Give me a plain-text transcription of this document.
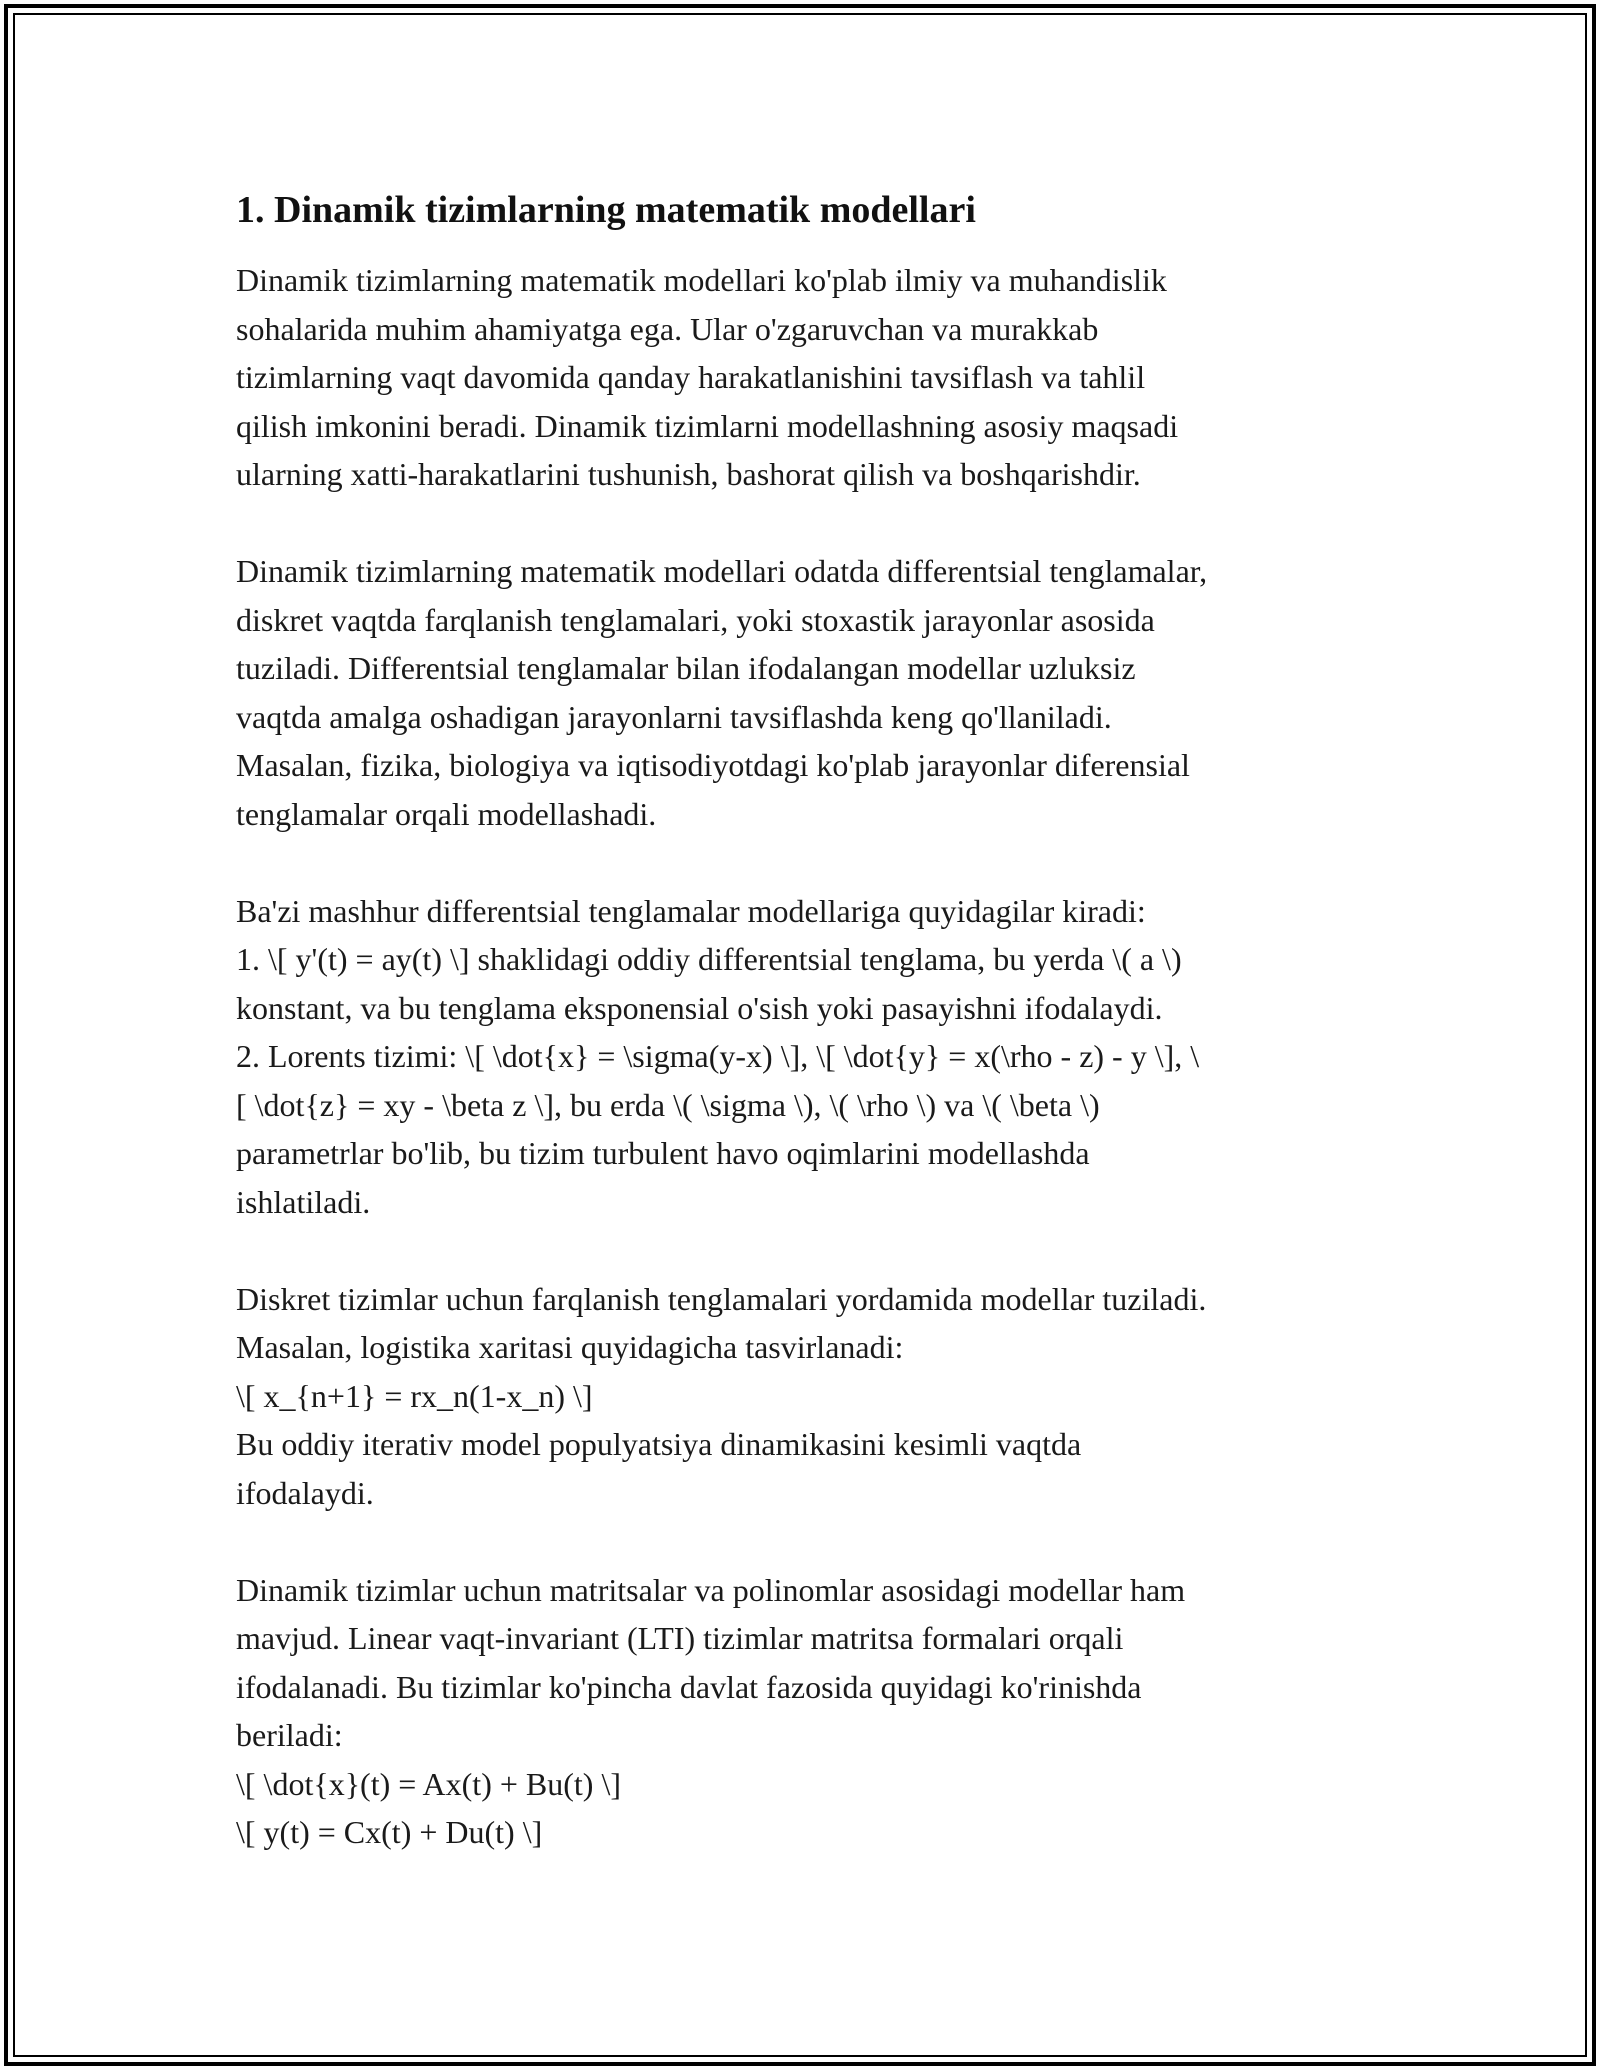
1. Dinamik tizimlarning matematik modellari
Dinamik tizimlarning matematik modellari ko'plab ilmiy va muhandislik
sohalarida muhim ahamiyatga ega. Ular o'zgaruvchan va murakkab
tizimlarning vaqt davomida qanday harakatlanishini tavsiflash va tahlil
qilish imkonini beradi. Dinamik tizimlarni modellashning asosiy maqsadi
ularning xatti-harakatlarini tushunish, bashorat qilish va boshqarishdir.
Dinamik tizimlarning matematik modellari odatda differentsial tenglamalar,
diskret vaqtda farqlanish tenglamalari, yoki stoxastik jarayonlar asosida
tuziladi. Differentsial tenglamalar bilan ifodalangan modellar uzluksiz
vaqtda amalga oshadigan jarayonlarni tavsiflashda keng qo'llaniladi.
Masalan, fizika, biologiya va iqtisodiyotdagi ko'plab jarayonlar diferensial
tenglamalar orqali modellashadi.
Ba'zi mashhur differentsial tenglamalar modellariga quyidagilar kiradi:
1. \[ y'(t) = ay(t) \] shaklidagi oddiy differentsial tenglama, bu yerda \( a \)
konstant, va bu tenglama eksponensial o'sish yoki pasayishni ifodalaydi.
2. Lorents tizimi: \[ \dot{x} = \sigma(y-x) \], \[ \dot{y} = x(\rho - z) - y \], \
[ \dot{z} = xy - \beta z \], bu erda \( \sigma \), \( \rho \) va \( \beta \)
parametrlar bo'lib, bu tizim turbulent havo oqimlarini modellashda
ishlatiladi.
Diskret tizimlar uchun farqlanish tenglamalari yordamida modellar tuziladi.
Masalan, logistika xaritasi quyidagicha tasvirlanadi:
\[ x_{n+1} = rx_n(1-x_n) \]
Bu oddiy iterativ model populyatsiya dinamikasini kesimli vaqtda
ifodalaydi.
Dinamik tizimlar uchun matritsalar va polinomlar asosidagi modellar ham
mavjud. Linear vaqt-invariant (LTI) tizimlar matritsa formalari orqali
ifodalanadi. Bu tizimlar ko'pincha davlat fazosida quyidagi ko'rinishda
beriladi:
\[ \dot{x}(t) = Ax(t) + Bu(t) \]
\[ y(t) = Cx(t) + Du(t) \]
